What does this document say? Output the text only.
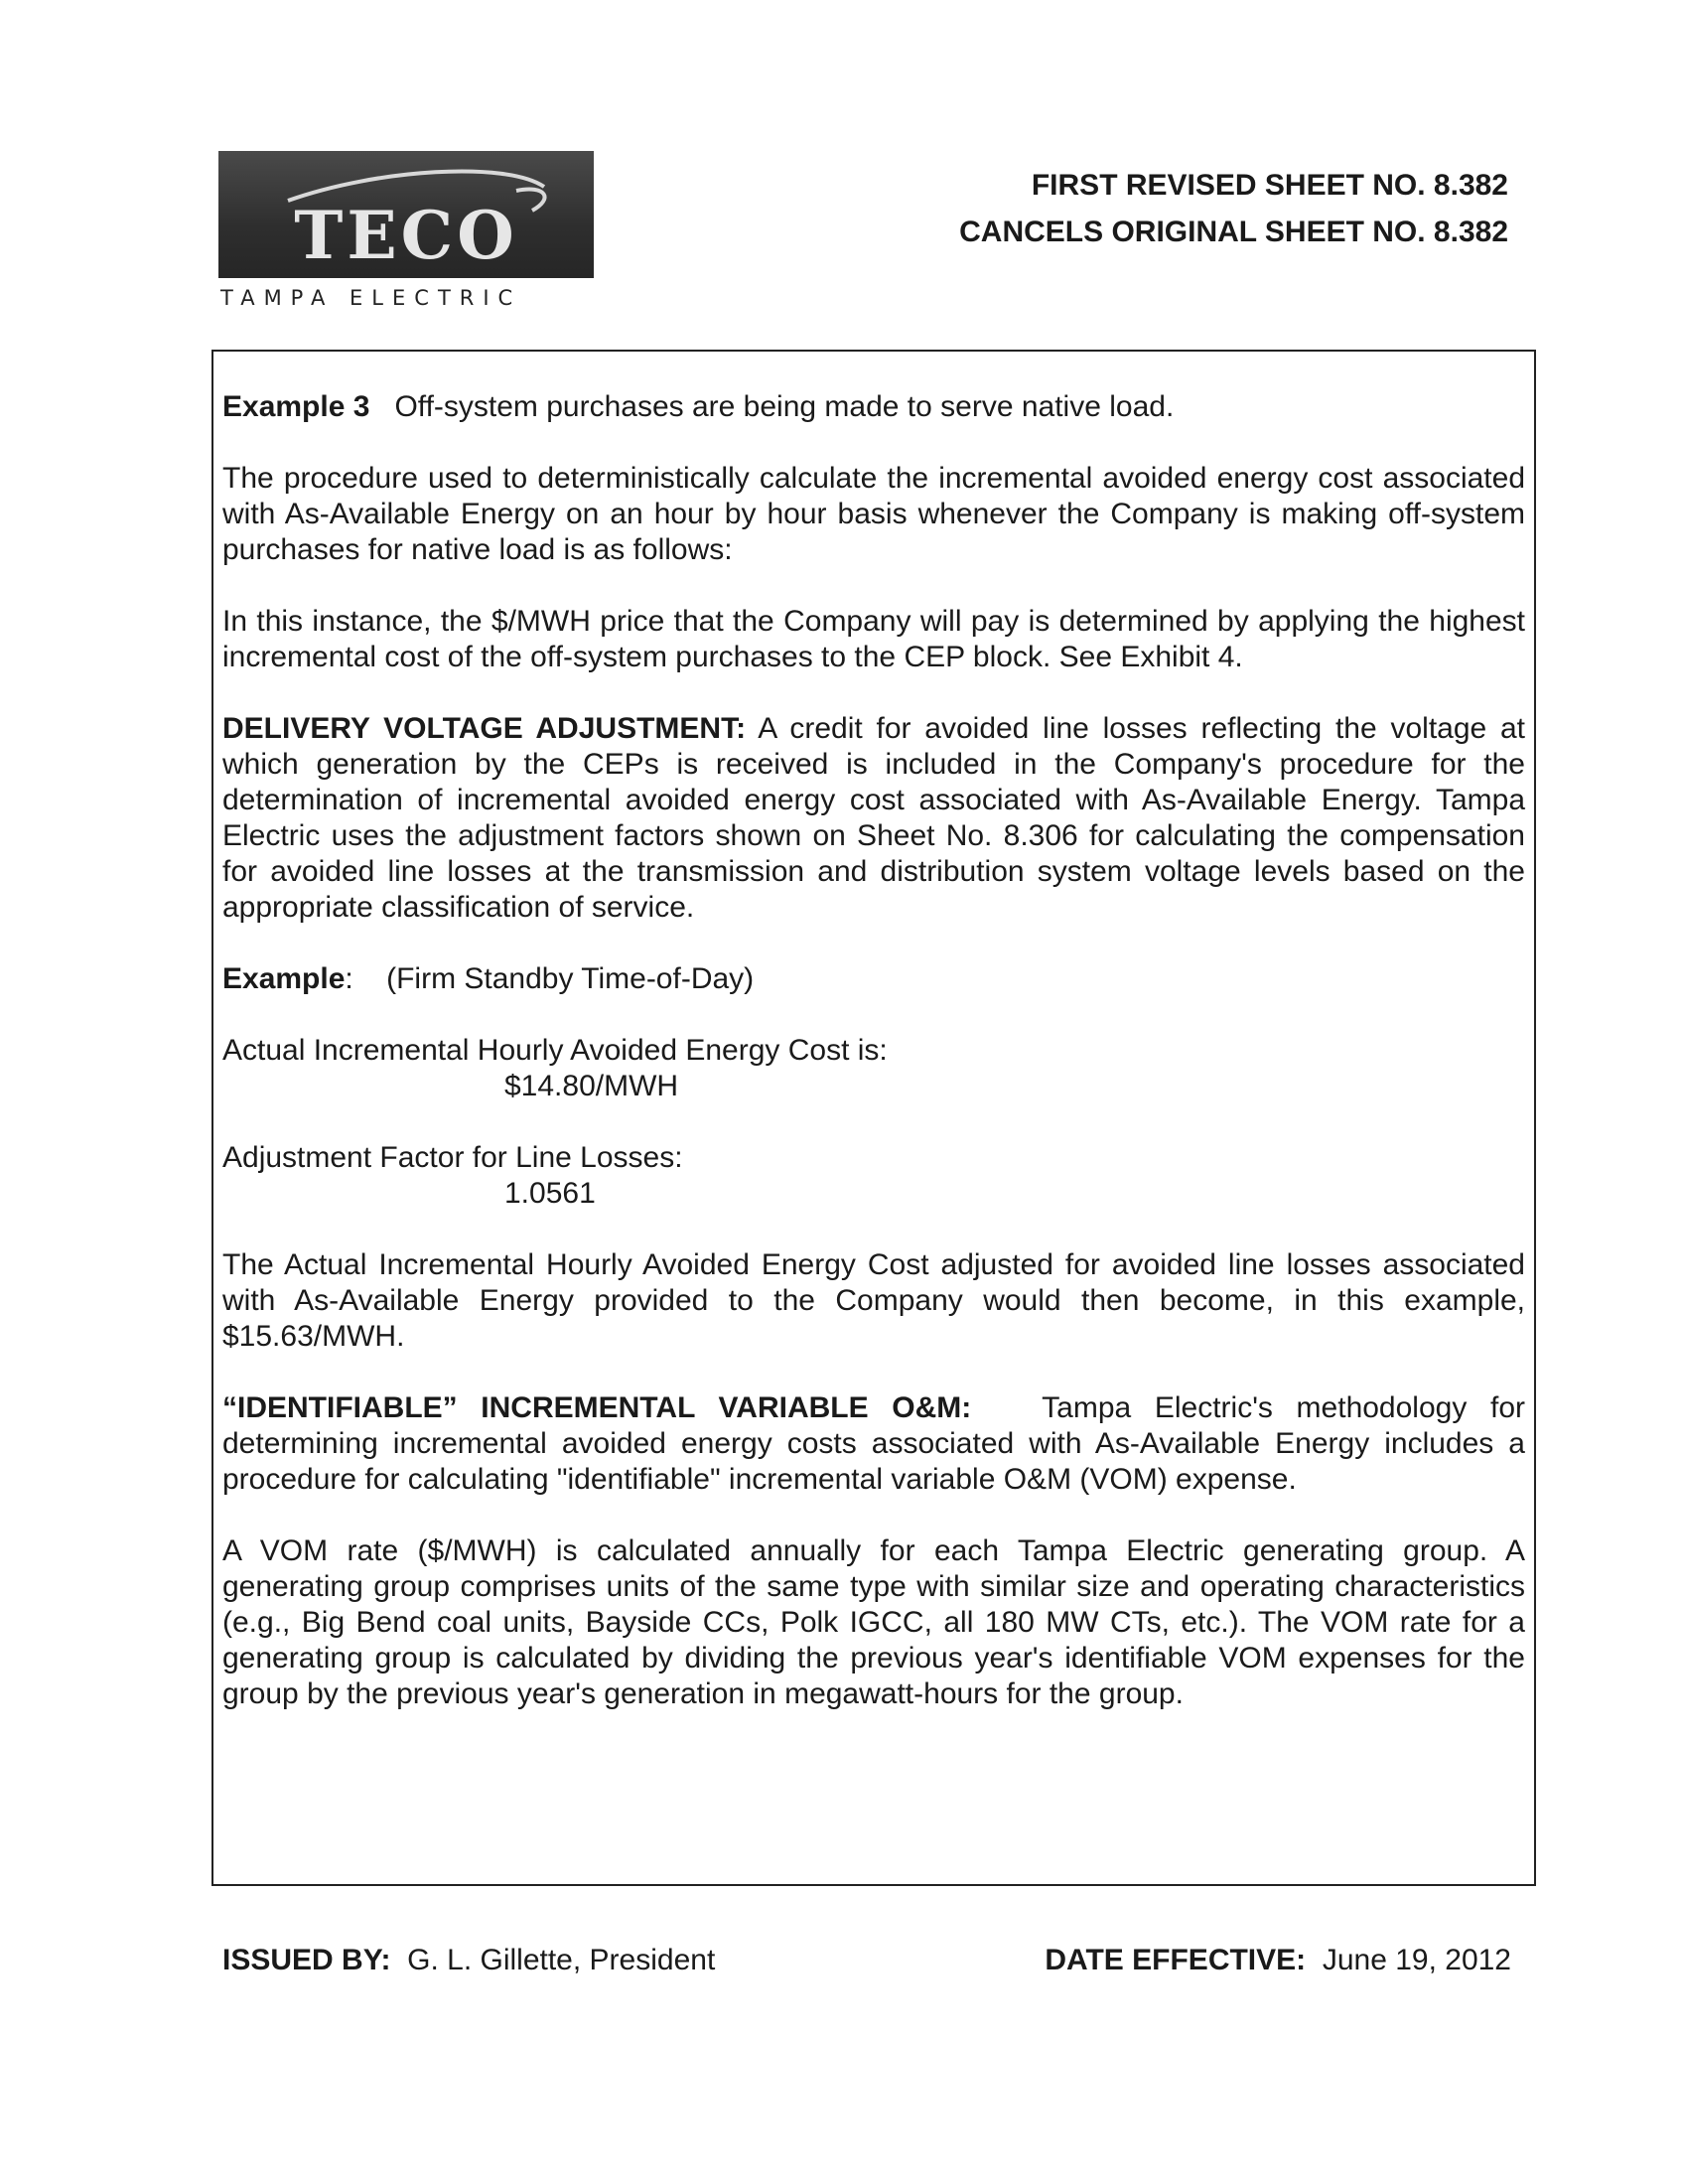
TECO
TAMPA ELECTRIC
FIRST REVISED SHEET NO. 8.382
CANCELS ORIGINAL SHEET NO. 8.382

Example 3 Off-system purchases are being made to serve native load.

The procedure used to deterministically calculate the incremental avoided energy cost associated with As-Available Energy on an hour by hour basis whenever the Company is making off-system purchases for native load is as follows:

In this instance, the $/MWH price that the Company will pay is determined by applying the highest incremental cost of the off-system purchases to the CEP block. See Exhibit 4.

DELIVERY VOLTAGE ADJUSTMENT: A credit for avoided line losses reflecting the voltage at which generation by the CEPs is received is included in the Company's procedure for the determination of incremental avoided energy cost associated with As-Available Energy. Tampa Electric uses the adjustment factors shown on Sheet No. 8.306 for calculating the compensation for avoided line losses at the transmission and distribution system voltage levels based on the appropriate classification of service.

Example: (Firm Standby Time-of-Day)

Actual Incremental Hourly Avoided Energy Cost is:

$14.80/MWH

Adjustment Factor for Line Losses:

1.0561

The Actual Incremental Hourly Avoided Energy Cost adjusted for avoided line losses associated with As-Available Energy provided to the Company would then become, in this example, $15.63/MWH.

“IDENTIFIABLE” INCREMENTAL VARIABLE O&M: Tampa Electric's methodology for determining incremental avoided energy costs associated with As-Available Energy includes a procedure for calculating "identifiable" incremental variable O&M (VOM) expense.

A VOM rate ($/MWH) is calculated annually for each Tampa Electric generating group. A generating group comprises units of the same type with similar size and operating characteristics (e.g., Big Bend coal units, Bayside CCs, Polk IGCC, all 180 MW CTs, etc.). The VOM rate for a generating group is calculated by dividing the previous year's identifiable VOM expenses for the group by the previous year's generation in megawatt-hours for the group.

ISSUED BY: G. L. Gillette, President	DATE EFFECTIVE: June 19, 2012
